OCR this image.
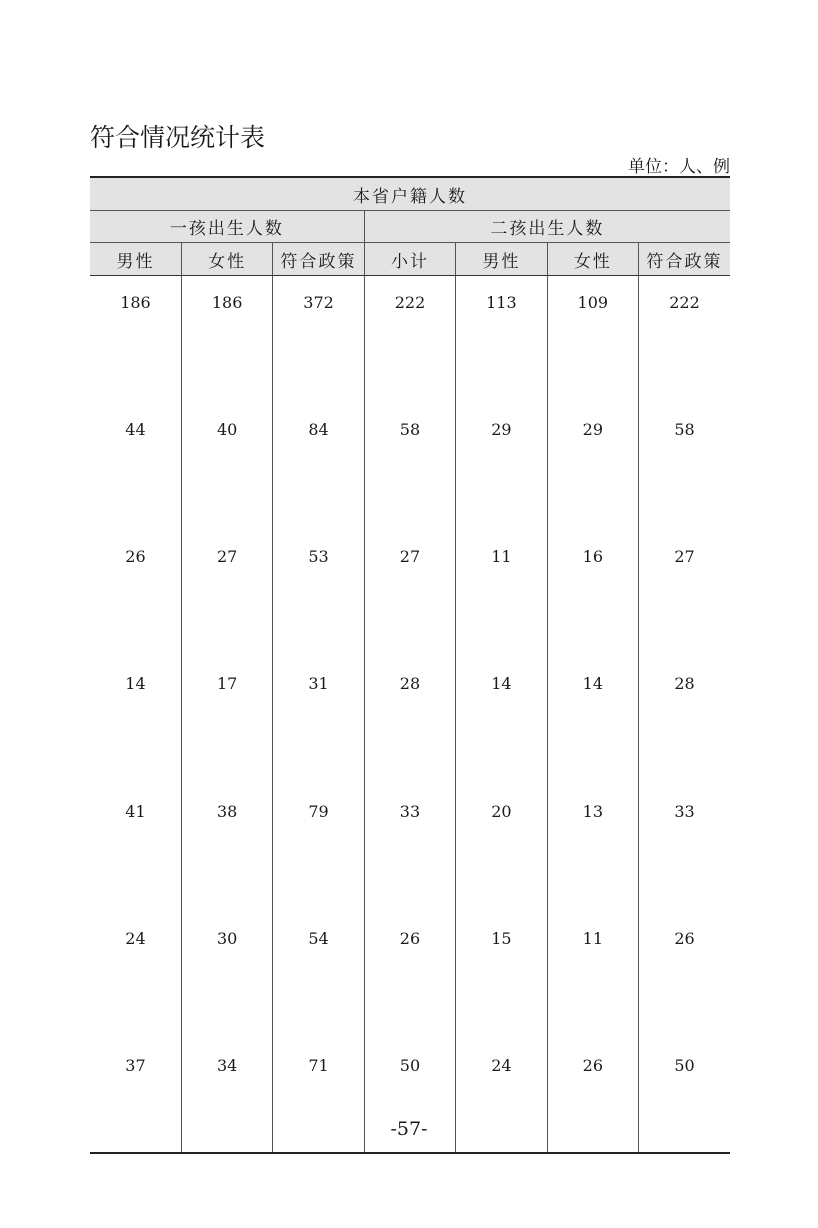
符合情况统计表
单位：人、例
本省户籍人数						
一孩出生人数			二孩出生人数			
男性	女性	符合政策	小计	男性	女性	符合政策
186	186	372	222	113	109	222
44	40	84	58	29	29	58
26	27	53	27	11	16	27
14	17	31	28	14	14	28
41	38	79	33	20	13	33
24	30	54	26	15	11	26
37	34	71	50	24	26	50
-57-
